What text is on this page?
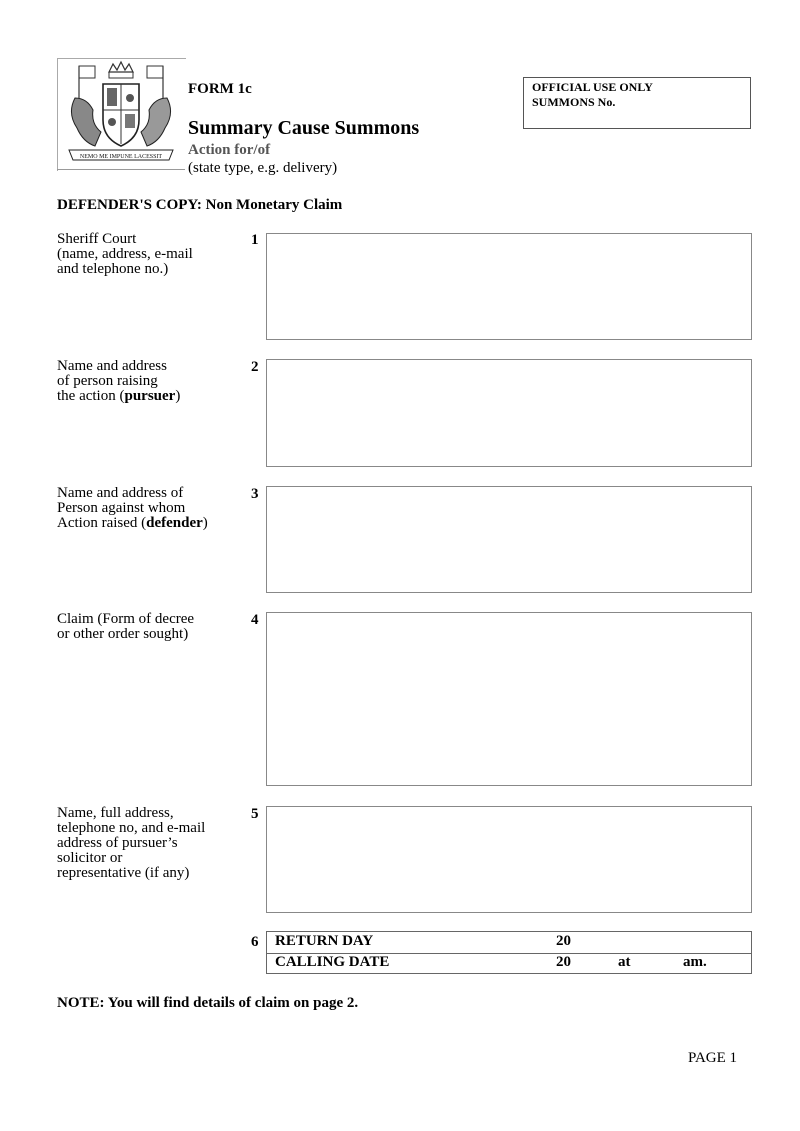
NEMO ME IMPUNE LACESSIT
FORM 1c
Summary Cause Summons
Action for/of
(state type, e.g. delivery)
OFFICIAL USE ONLY
SUMMONS No.
DEFENDER'S COPY: Non Monetary Claim
Sheriff Court
(name, address, e-mail
and telephone no.)
1
Name and address
of person raising
the action (pursuer)
2
Name and address of
Person against whom
Action raised (defender)
3
Claim (Form of decree
or other order sought)
4
Name, full address,
telephone no, and e-mail
address of pursuer’s
solicitor or
representative (if any)
5
6 RETURN DAY	20
CALLING DATE	20	at	am.
NOTE: You will find details of claim on page 2.
PAGE 1
